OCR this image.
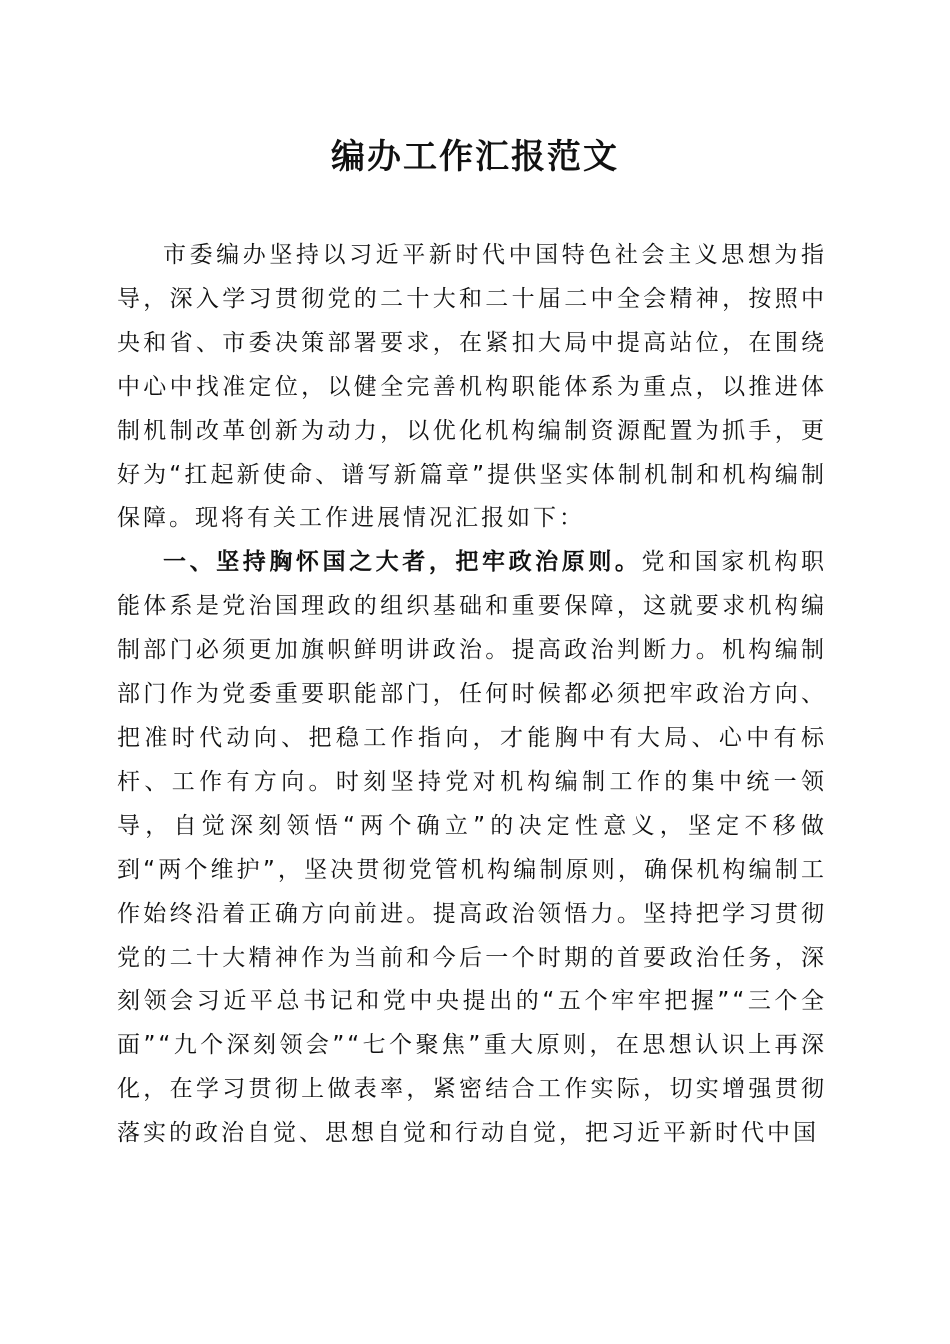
编办工作汇报范文

市委编办坚持以习近平新时代中国特色社会主义思想为指导，深入学习贯彻党的二十大和二十届二中全会精神，按照中央和省、市委决策部署要求，在紧扣大局中提高站位，在围绕中心中找准定位，以健全完善机构职能体系为重点，以推进体制机制改革创新为动力，以优化机构编制资源配置为抓手，更好为“扛起新使命、谱写新篇章”提供坚实体制机制和机构编制保障。现将有关工作进展情况汇报如下：

一、坚持胸怀国之大者，把牢政治原则。党和国家机构职能体系是党治国理政的组织基础和重要保障，这就要求机构编制部门必须更加旗帜鲜明讲政治。提高政治判断力。机构编制部门作为党委重要职能部门，任何时候都必须把牢政治方向、把准时代动向、把稳工作指向，才能胸中有大局、心中有标杆、工作有方向。时刻坚持党对机构编制工作的集中统一领导，自觉深刻领悟“两个确立”的决定性意义，坚定不移做到“两个维护”，坚决贯彻党管机构编制原则，确保机构编制工作始终沿着正确方向前进。提高政治领悟力。坚持把学习贯彻党的二十大精神作为当前和今后一个时期的首要政治任务，深刻领会习近平总书记和党中央提出的“五个牢牢把握”“三个全面”“九个深刻领会”“七个聚焦”重大原则，在思想认识上再深化，在学习贯彻上做表率，紧密结合工作实际，切实增强贯彻落实的政治自觉、思想自觉和行动自觉，把习近平新时代中国
